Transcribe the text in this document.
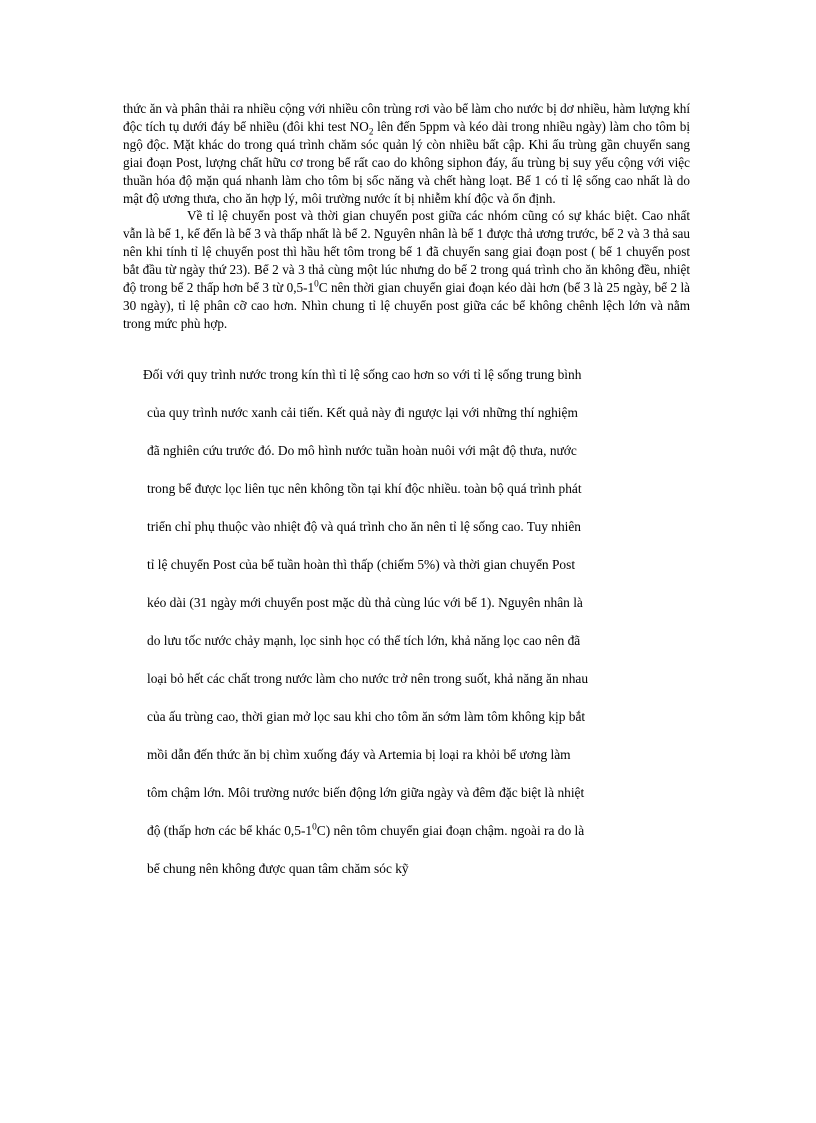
thức ăn và phân thải ra nhiều cộng với nhiều côn trùng rơi vào bể làm cho nước bị dơ nhiều, hàm lượng khí độc tích tụ dưới đáy bể nhiều (đôi khi test $NO_2$ lên đến 5ppm và kéo dài trong nhiều ngày) làm cho tôm bị ngộ độc. Mặt khác do trong quá trình chăm sóc quản lý còn nhiều bất cập. Khi ấu trùng gần chuyển sang giai đoạn Post, lượng chất hữu cơ trong bể rất cao do không siphon đáy, ấu trùng bị suy yếu cộng với việc thuần hóa độ mặn quá nhanh làm cho tôm bị sốc năng và chết hàng loạt. Bể 1 có tỉ lệ sống cao nhất là do mật độ ương thưa, cho ăn hợp lý, môi trường nước ít bị nhiễm khí độc và ổn định.

Về tỉ lệ chuyển post và thời gian chuyển post giữa các nhóm cũng có sự khác biệt. Cao nhất vẫn là bể 1, kế đến là bể 3 và thấp nhất là bể 2. Nguyên nhân là bể 1 được thả ương trước, bể 2 và 3 thả sau nên khi tính tỉ lệ chuyển post thì hầu hết tôm trong bể 1 đã chuyển sang giai đoạn post ( bể 1 chuyển post bắt đầu từ ngày thứ 23). Bể 2 và 3 thả cùng một lúc nhưng do bể 2 trong quá trình cho ăn không đều, nhiệt độ trong bể 2 thấp hơn bể 3 từ $0,5-1^0C$ nên thời gian chuyển giai đoạn kéo dài hơn (bể 3 là 25 ngày, bể 2 là 30 ngày), tỉ lệ phân cỡ cao hơn. Nhìn chung tỉ lệ chuyển post giữa các bể không chênh lệch lớn và nằm trong mức phù hợp.

Đối với quy trình nước trong kín thì tỉ lệ sống cao hơn so với tỉ lệ sống trung bình
của quy trình nước xanh cải tiến. Kết quả này đi ngược lại với những thí nghiệm
đã nghiên cứu trước đó. Do mô hình nước tuần hoàn nuôi với mật độ thưa, nước
trong bể được lọc liên tục nên không tồn tại khí độc nhiều. toàn bộ quá trình phát
triển chỉ phụ thuộc vào nhiệt độ và quá trình cho ăn nên tỉ lệ sống cao. Tuy nhiên
tỉ lệ chuyển Post của bể tuần hoàn thì thấp (chiếm 5%) và thời gian chuyển Post
kéo dài (31 ngày mới chuyển post mặc dù thả cùng lúc với bể 1). Nguyên nhân là
do lưu tốc nước chảy mạnh, lọc sinh học có thể tích lớn, khả năng lọc cao nên đã
loại bỏ hết các chất trong nước làm cho nước trở nên trong suốt, khả năng ăn nhau
của ấu trùng cao, thời gian mở lọc sau khi cho tôm ăn sớm làm tôm không kịp bắt
mồi dẫn đến thức ăn bị chìm xuống đáy và Artemia bị loại ra khỏi bể ương làm
tôm chậm lớn. Môi trường nước biến động lớn giữa ngày và đêm đặc biệt là nhiệt
độ (thấp hơn các bể khác $0,5-1^0C$) nên tôm chuyển giai đoạn chậm. ngoài ra do là
bể chung nên không được quan tâm chăm sóc kỹ
